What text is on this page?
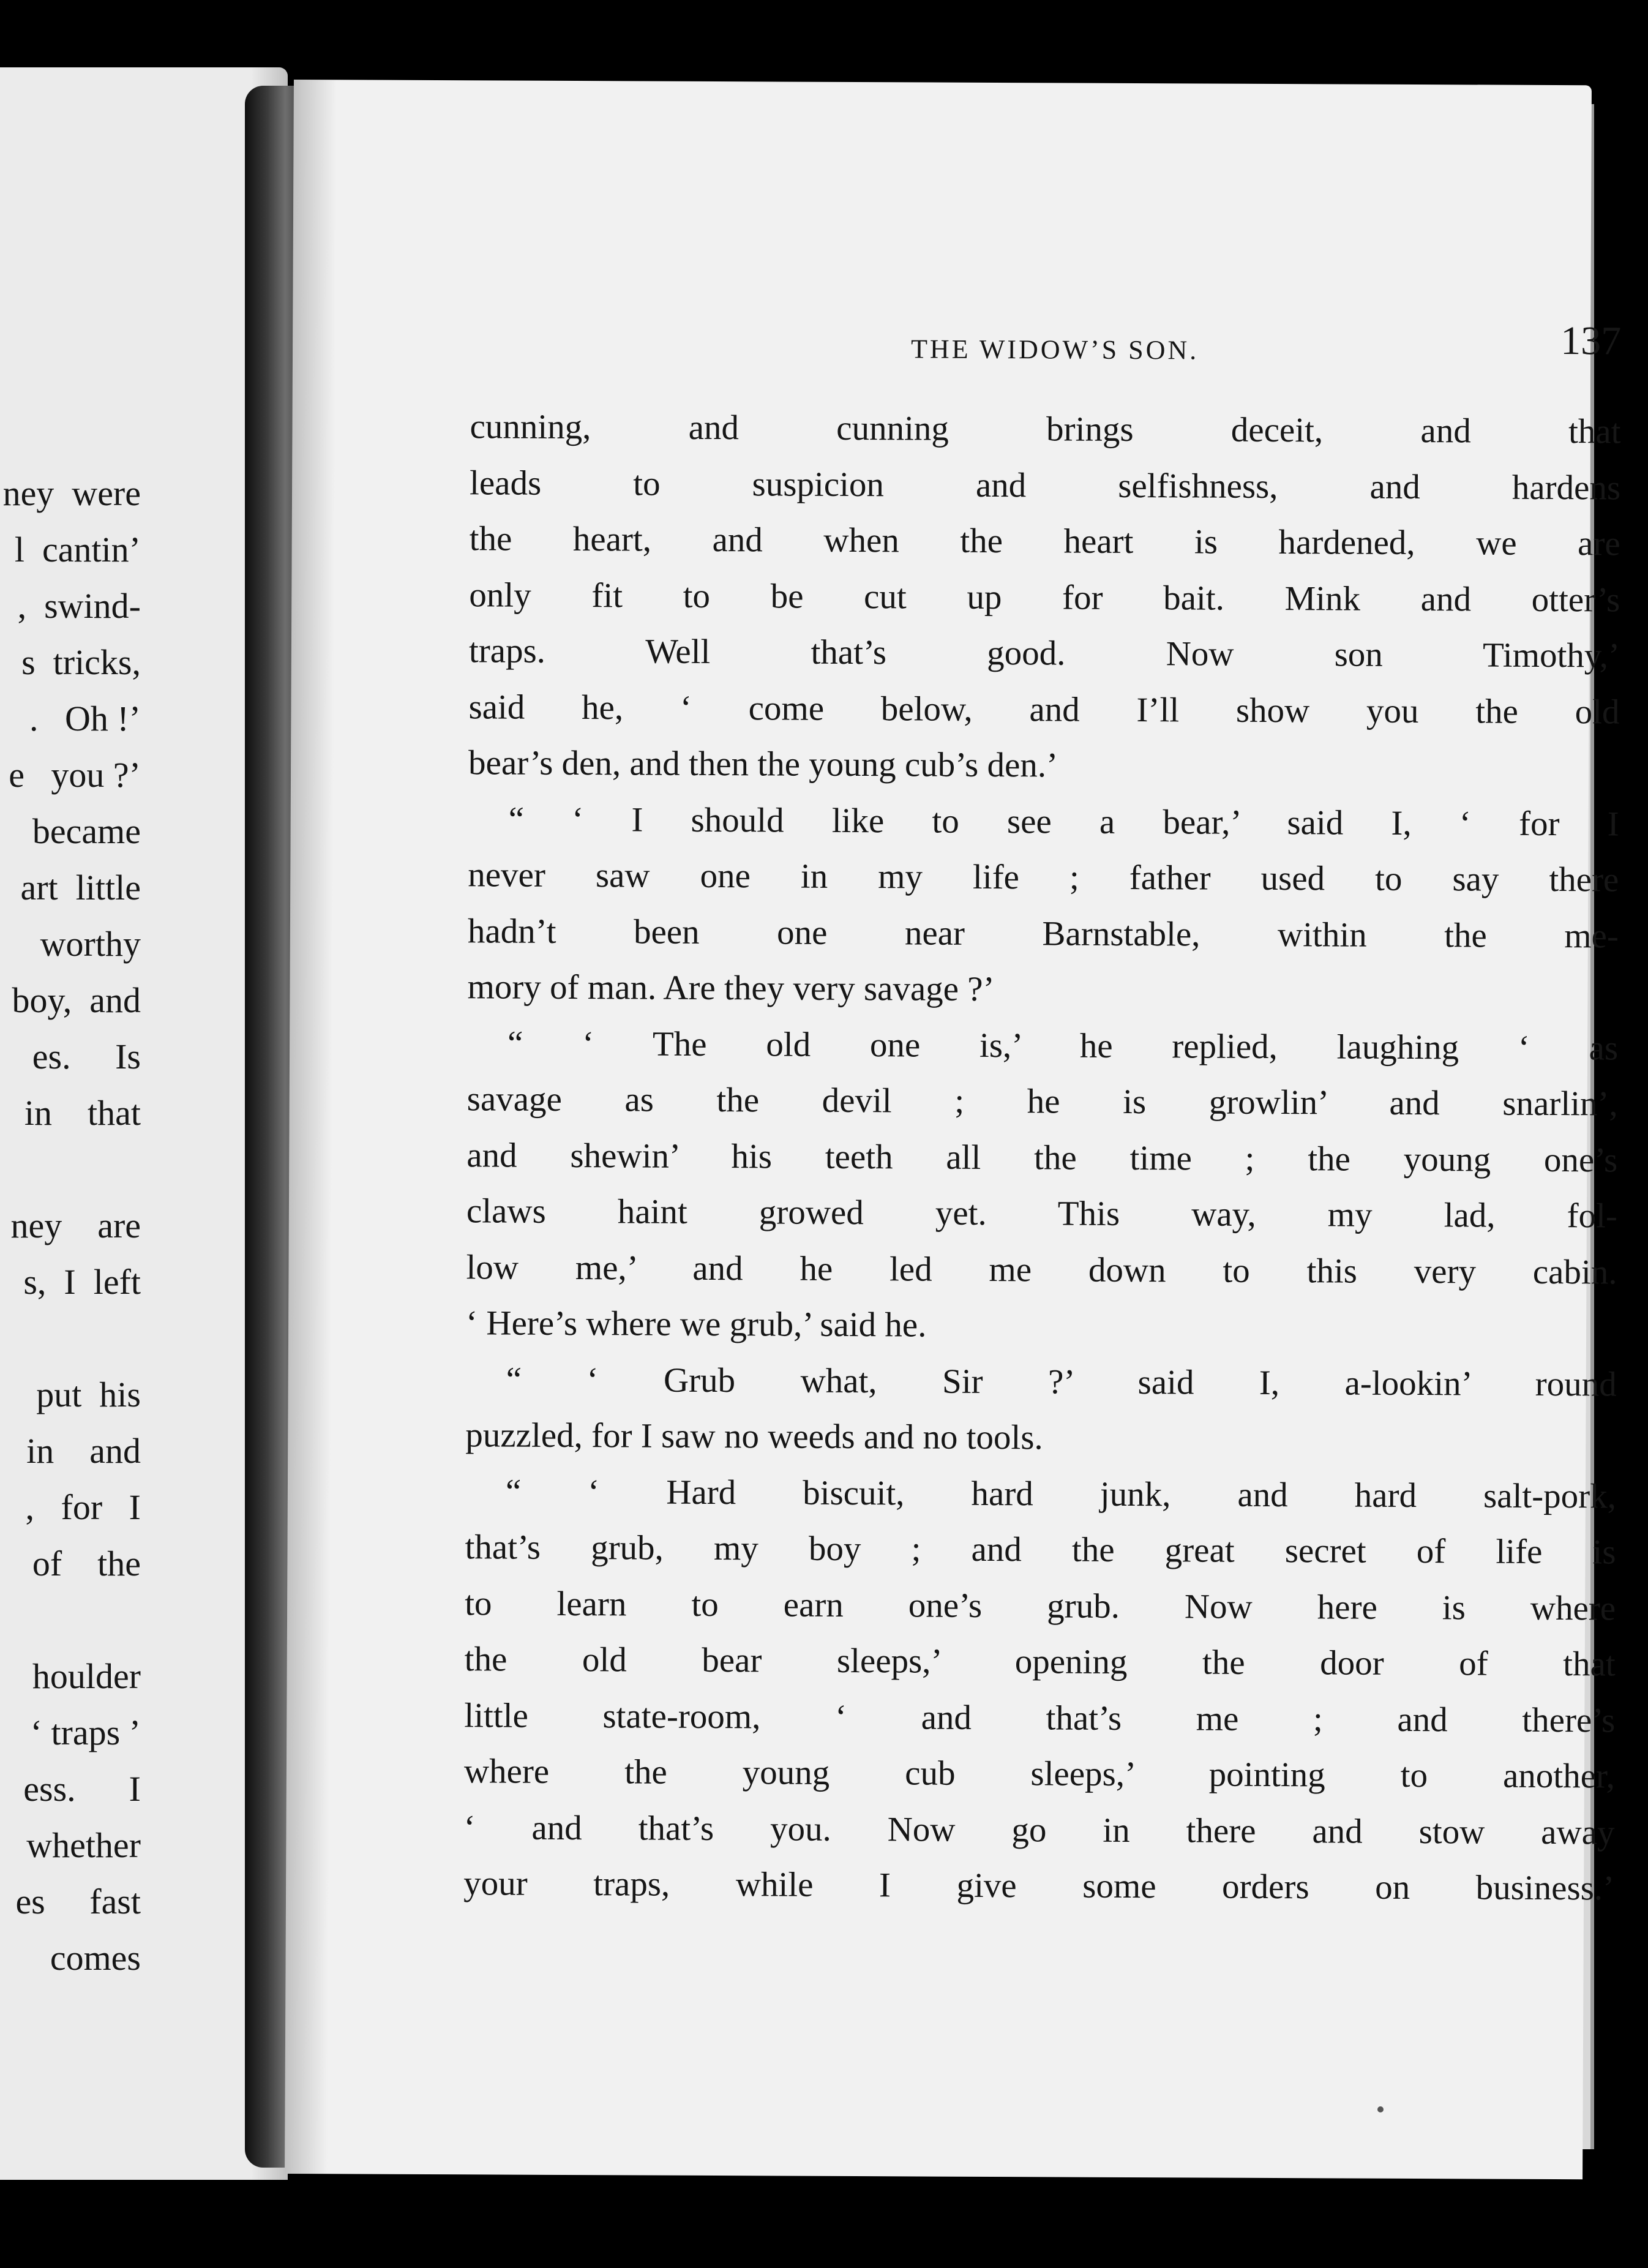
ney  were
l  cantin’
,  swind-
s  tricks,
.   Oh !’
e   you ?’
became
art  little
worthy
boy,  and
es.     Is
in    that
ney    are
s,  I  left
put  his
in    and
,   for   I
of    the
houlder
‘ traps ’
ess.      I
whether
es     fast
comes
THE WIDOW’S SON.	137
cunning, and cunning brings deceit, and that
leads to suspicion and selfishness, and hardens
the heart, and when the heart is hardened, we are
only fit to be cut up for bait. Mink and otter’s
traps. Well that’s good. Now son Timothy,’
said he, ‘ come below, and I’ll show you the old
bear’s den, and then the young cub’s den.’
“ ‘ I should like to see a bear,’ said I, ‘ for I
never saw one in my life ; father used to say there
hadn’t been one near Barnstable, within the me-
mory of man. Are they very savage ?’
“ ‘ The old one is,’ he replied, laughing ‘ as
savage as the devil ; he is growlin’ and snarlin’,
and shewin’ his teeth all the time ; the young one’s
claws haint growed yet. This way, my lad, fol-
low me,’ and he led me down to this very cabin.
‘ Here’s where we grub,’ said he.
“ ‘ Grub what, Sir ?’ said I, a-lookin’ round
puzzled, for I saw no weeds and no tools.
“ ‘ Hard biscuit, hard junk, and hard salt-pork,
that’s grub, my boy ; and the great secret of life is
to learn to earn one’s grub. Now here is where
the old bear sleeps,’ opening the door of that
little state-room, ‘ and that’s me ; and there’s
where the young cub sleeps,’ pointing to another,
‘ and that’s you. Now go in there and stow away
your traps, while I give some orders on business.’
